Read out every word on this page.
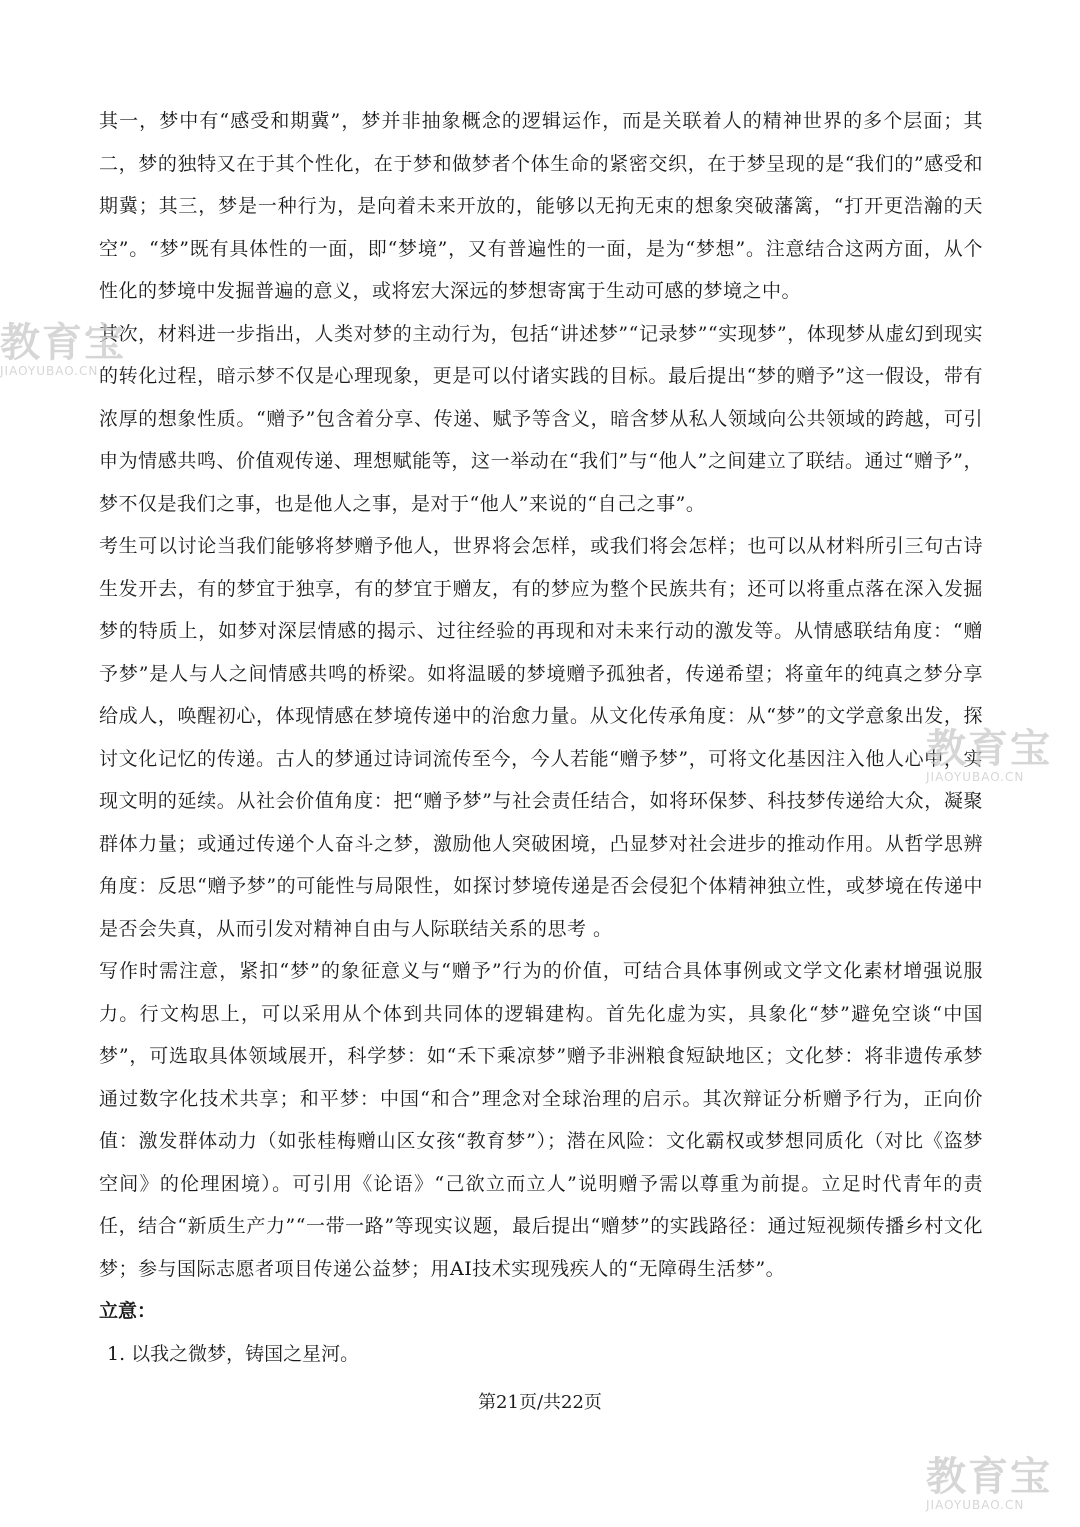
其一，梦中有“感受和期冀”，梦并非抽象概念的逻辑运作，而是关联着人的精神世界的多个层面；其二，梦的独特又在于其个性化，在于梦和做梦者个体生命的紧密交织，在于梦呈现的是“我们的”感受和期冀；其三，梦是一种行为，是向着未来开放的，能够以无拘无束的想象突破藩篱，“打开更浩瀚的天空”。“梦”既有具体性的一面，即“梦境”，又有普遍性的一面，是为“梦想”。注意结合这两方面，从个性化的梦境中发掘普遍的意义，或将宏大深远的梦想寄寓于生动可感的梦境之中。

其次，材料进一步指出，人类对梦的主动行为，包括“讲述梦”“记录梦”“实现梦”，体现梦从虚幻到现实的转化过程，暗示梦不仅是心理现象，更是可以付诸实践的目标。最后提出“梦的赠予”这一假设，带有浓厚的想象性质。“赠予”包含着分享、传递、赋予等含义，暗含梦从私人领域向公共领域的跨越，可引申为情感共鸣、价值观传递、理想赋能等，这一举动在“我们”与“他人”之间建立了联结。通过“赠予”，梦不仅是我们之事，也是他人之事，是对于“他人”来说的“自己之事”。

考生可以讨论当我们能够将梦赠予他人，世界将会怎样，或我们将会怎样；也可以从材料所引三句古诗生发开去，有的梦宜于独享，有的梦宜于赠友，有的梦应为整个民族共有；还可以将重点落在深入发掘梦的特质上，如梦对深层情感的揭示、过往经验的再现和对未来行动的激发等。从情感联结角度：“赠予梦”是人与人之间情感共鸣的桥梁。如将温暖的梦境赠予孤独者，传递希望；将童年的纯真之梦分享给成人，唤醒初心，体现情感在梦境传递中的治愈力量。从文化传承角度：从“梦”的文学意象出发，探讨文化记忆的传递。古人的梦通过诗词流传至今，今人若能“赠予梦”，可将文化基因注入他人心中，实现文明的延续。从社会价值角度：把“赠予梦”与社会责任结合，如将环保梦、科技梦传递给大众，凝聚群体力量；或通过传递个人奋斗之梦，激励他人突破困境，凸显梦对社会进步的推动作用。从哲学思辨角度：反思“赠予梦”的可能性与局限性，如探讨梦境传递是否会侵犯个体精神独立性，或梦境在传递中是否会失真，从而引发对精神自由与人际联结关系的思考 。

写作时需注意，紧扣“梦”的象征意义与“赠予”行为的价值，可结合具体事例或文学文化素材增强说服力。行文构思上，可以采用从个体到共同体的逻辑建构。首先化虚为实，具象化“梦”避免空谈“中国梦”，可选取具体领域展开，科学梦：如“禾下乘凉梦”赠予非洲粮食短缺地区；文化梦：将非遗传承梦通过数字化技术共享；和平梦：中国“和合”理念对全球治理的启示。其次辩证分析赠予行为，正向价值：激发群体动力（如张桂梅赠山区女孩“教育梦”）；潜在风险：文化霸权或梦想同质化（对比《盗梦空间》的伦理困境）。可引用《论语》“己欲立而立人”说明赠予需以尊重为前提。立足时代青年的责任，结合“新质生产力”“一带一路”等现实议题，最后提出“赠梦”的实践路径：通过短视频传播乡村文化梦；参与国际志愿者项目传递公益梦；用AI技术实现残疾人的“无障碍生活梦”。

立意：

1. 以我之微梦，铸国之星河。

第21页/共22页
教育宝
JIAOYUBAO.CN
教育宝
JIAOYUBAO.CN
教育宝
JIAOYUBAO.CN
